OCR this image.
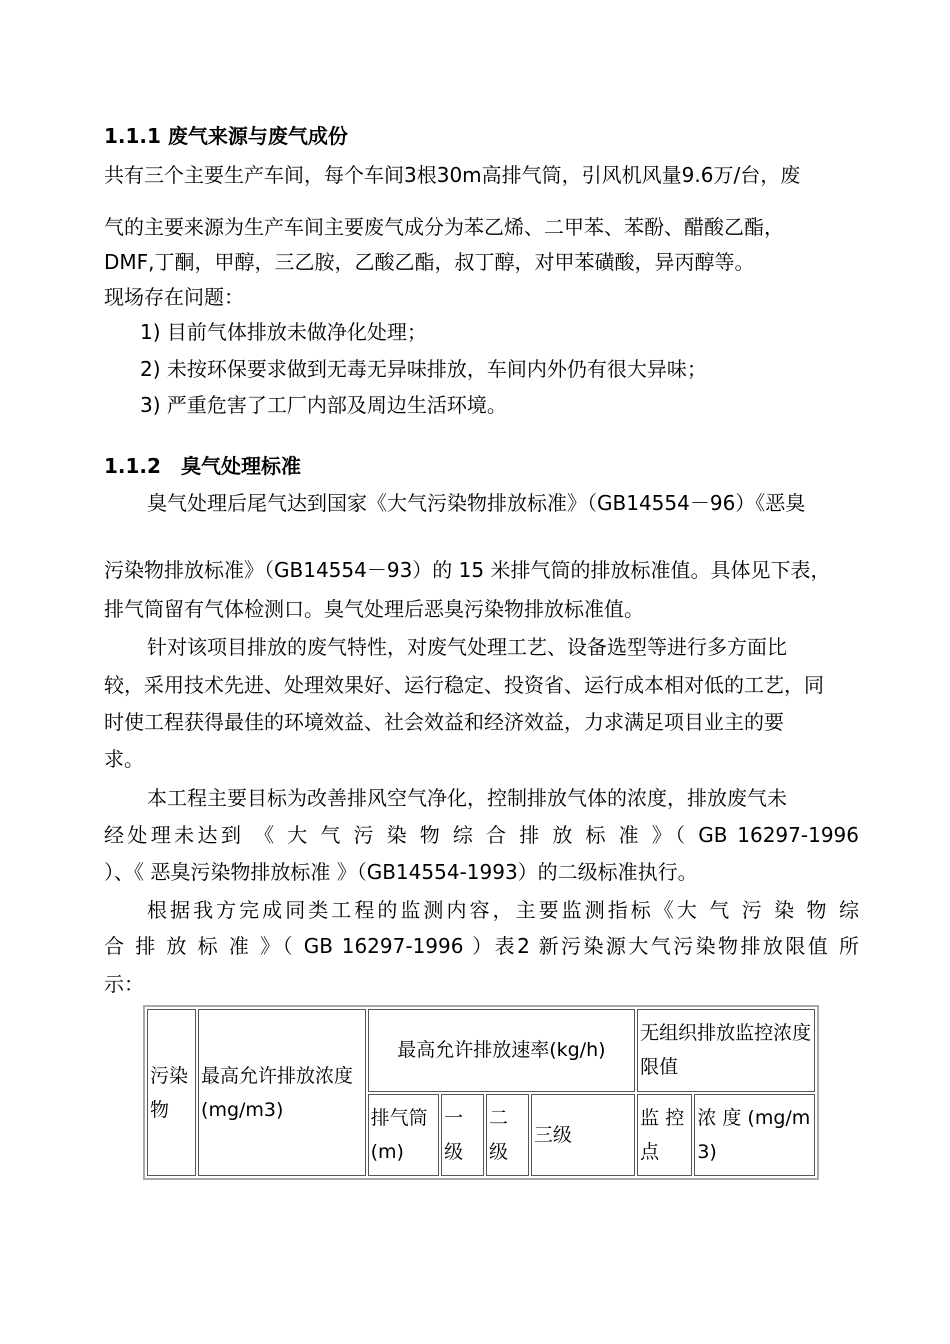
1.1.1 废气来源与废气成份
共有三个主要生产车间，每个车间3根30m高排气筒，引风机风量9.6万/台，废
气的主要来源为生产车间主要废气成分为苯乙烯、二甲苯、苯酚、醋酸乙酯，
DMF,丁酮，甲醇，三乙胺，乙酸乙酯，叔丁醇，对甲苯磺酸，异丙醇等。
现场存在问题：
1) 目前气体排放未做净化处理；
2) 未按环保要求做到无毒无异味排放，车间内外仍有很大异味；
3) 严重危害了工厂内部及周边生活环境。
1.1.2　臭气处理标准
臭气处理后尾气达到国家《大气污染物排放标准》（GB14554－96）《恶臭
污染物排放标准》（GB14554－93）的 15 米排气筒的排放标准值。具体见下表，
排气筒留有气体检测口。臭气处理后恶臭污染物排放标准值。
针对该项目排放的废气特性，对废气处理工艺、设备选型等进行多方面比
较，采用技术先进、处理效果好、运行稳定、投资省、运行成本相对低的工艺，同
时使工程获得最佳的环境效益、社会效益和经济效益，力求满足项目业主的要
求。
本工程主要目标为改善排风空气净化，控制排放气体的浓度，排放废气未
经处理未达到 《 大 气 污 染 物 综 合 排 放 标 准 》（ GB 16297-1996
）、《 恶臭污染物排放标准 》（GB14554-1993）的二级标准执行。
根据我方完成同类工程的监测内容，主要监测指标《大 气 污 染 物 综
合 排 放 标 准 》（ GB 16297-1996 ）表2 新污染源大气污染物排放限值 所
示：
污染物	最高允许排放浓度(mg/m3)	最高允许排放速率(kg/h)				无组织排放监控浓度限值	
		排气筒(m)	一级	二级	三级	监 控点	浓 度 (mg/m3)
